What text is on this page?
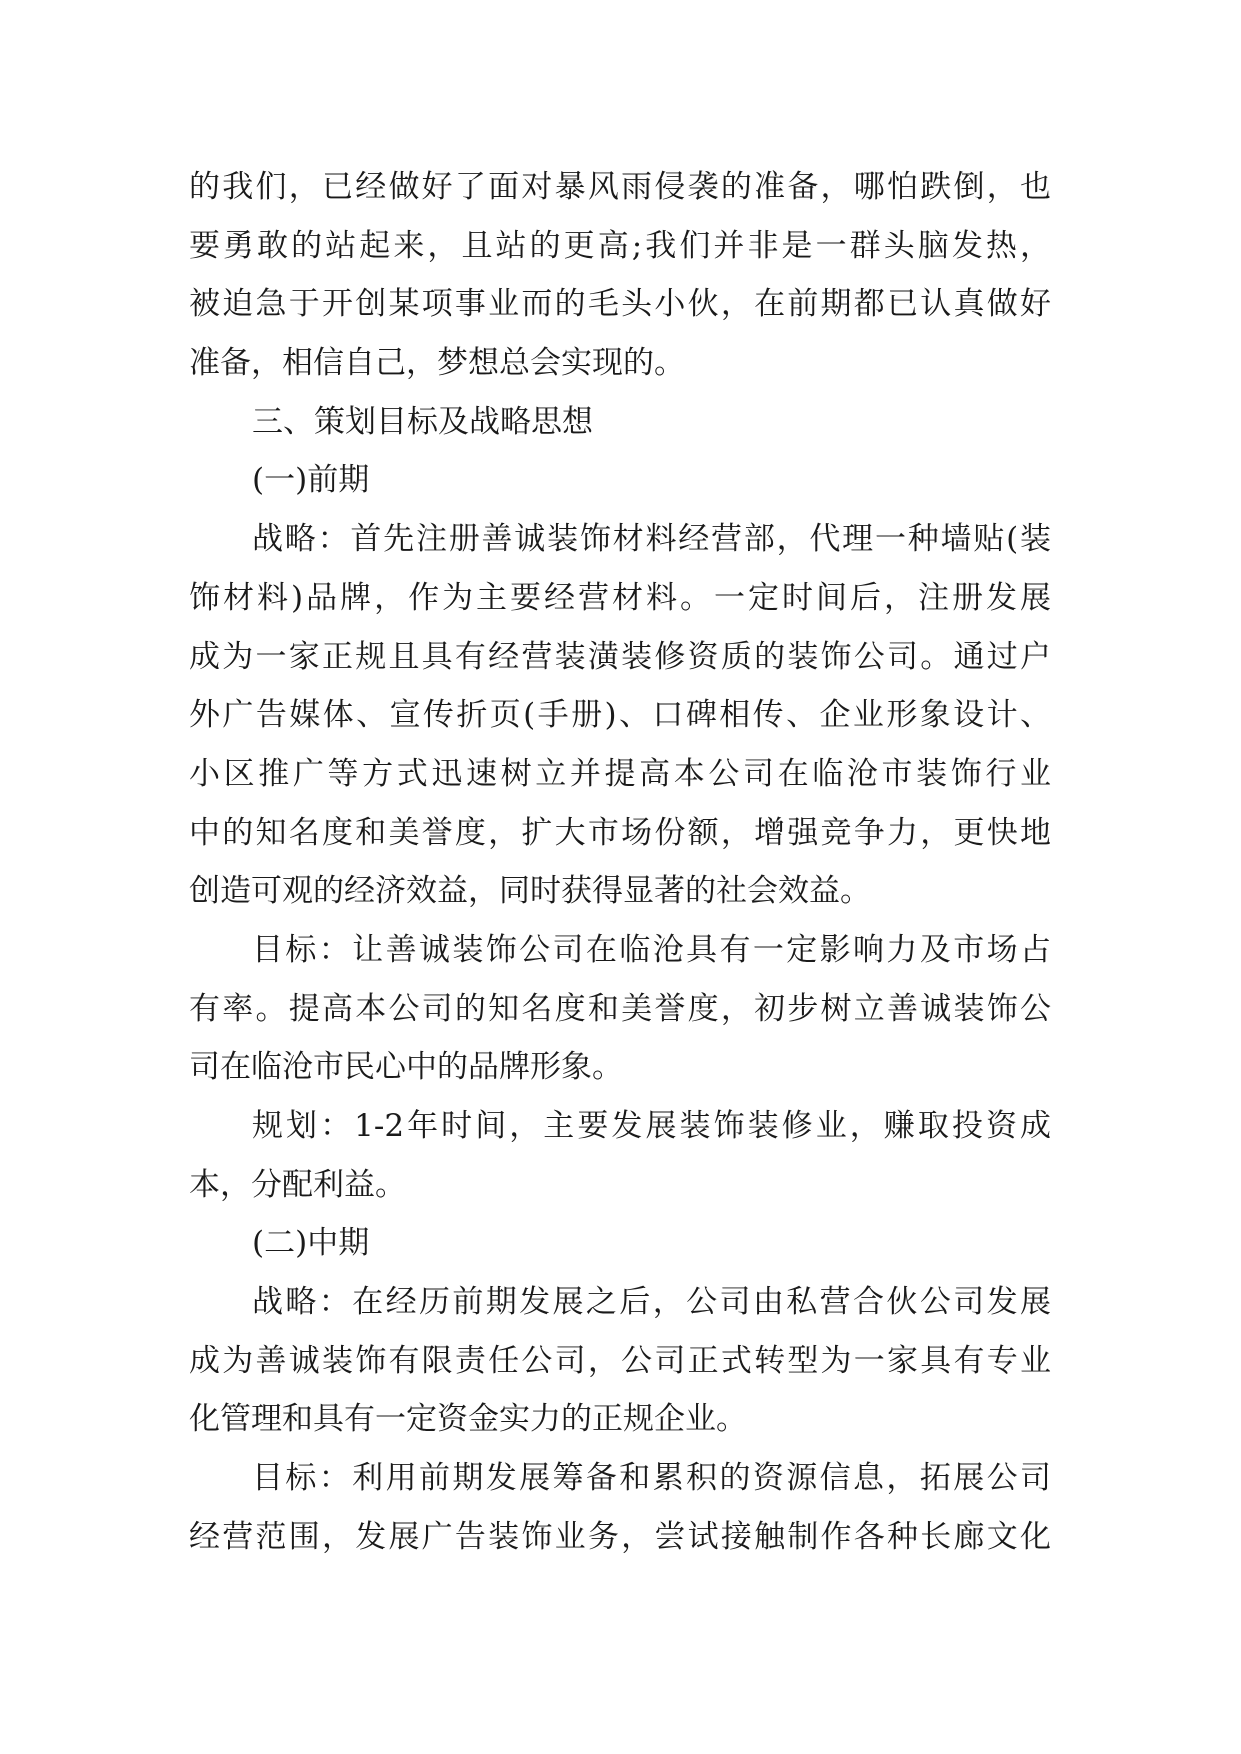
的我们，已经做好了面对暴风雨侵袭的准备，哪怕跌倒，也
要勇敢的站起来，且站的更高;我们并非是一群头脑发热，
被迫急于开创某项事业而的毛头小伙，在前期都已认真做好
准备，相信自己，梦想总会实现的。
三、策划目标及战略思想
(一)前期
战略：首先注册善诚装饰材料经营部，代理一种墙贴(装
饰材料)品牌，作为主要经营材料。一定时间后，注册发展
成为一家正规且具有经营装潢装修资质的装饰公司。通过户
外广告媒体、宣传折页(手册)、口碑相传、企业形象设计、
小区推广等方式迅速树立并提高本公司在临沧市装饰行业
中的知名度和美誉度，扩大市场份额，增强竞争力，更快地
创造可观的经济效益，同时获得显著的社会效益。
目标：让善诚装饰公司在临沧具有一定影响力及市场占
有率。提高本公司的知名度和美誉度，初步树立善诚装饰公
司在临沧市民心中的品牌形象。
规划：1-2年时间，主要发展装饰装修业，赚取投资成
本，分配利益。
(二)中期
战略：在经历前期发展之后，公司由私营合伙公司发展
成为善诚装饰有限责任公司，公司正式转型为一家具有专业
化管理和具有一定资金实力的正规企业。
目标：利用前期发展筹备和累积的资源信息，拓展公司
经营范围，发展广告装饰业务，尝试接触制作各种长廊文化
